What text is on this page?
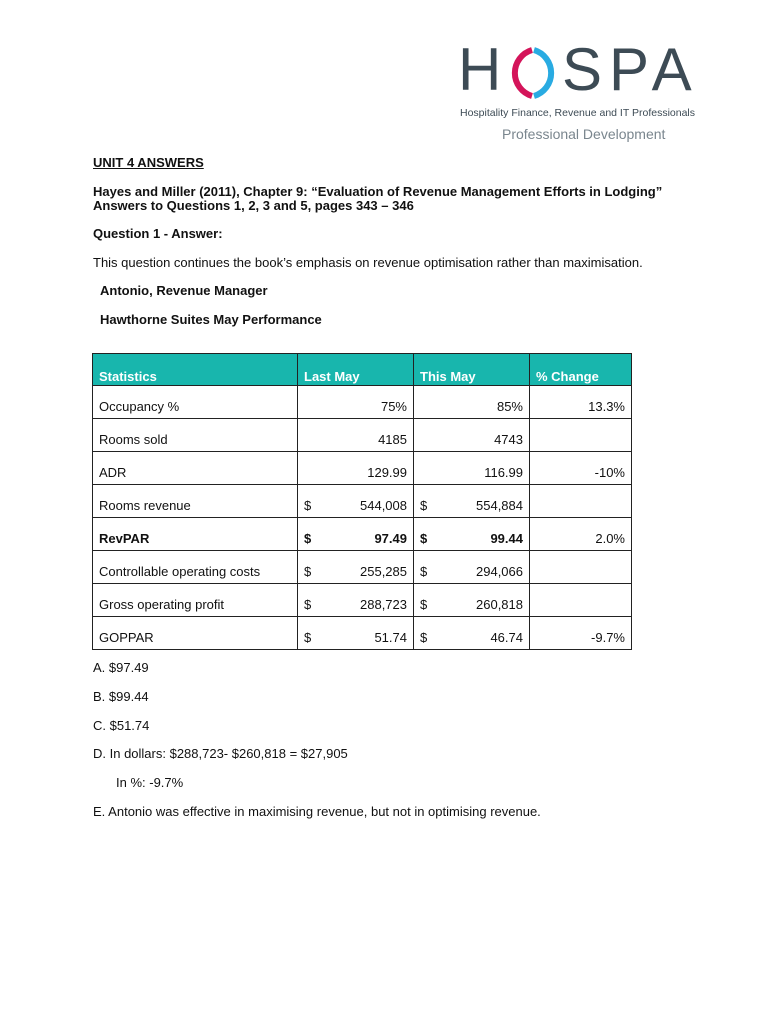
H SPA
Hospitality Finance, Revenue and IT Professionals
Professional Development
UNIT 4 ANSWERS
Hayes and Miller (2011), Chapter 9: “Evaluation of Revenue Management Efforts in Lodging”
Answers to Questions 1, 2, 3 and 5, pages 343 – 346
Question 1 - Answer:
This question continues the book’s emphasis on revenue optimisation rather than maximisation.
Antonio, Revenue Manager
Hawthorne Suites May Performance
Statistics	Last May	This May	% Change
Occupancy %	75%	85%	13.3%
Rooms sold	4185	4743	

ADR	129.99	116.99	-10%
Rooms revenue	$ 544,008	$ 554,884	

RevPAR	$ 97.49	$ 99.44	2.0%
Controllable operating costs	$ 255,285	$ 294,066	

Gross operating profit	$ 288,723	$ 260,818	

GOPPAR	$ 51.74	$ 46.74	-9.7%
A. $97.49
B. $99.44
C. $51.74
D. In dollars: $288,723- $260,818 = $27,905
In %: -9.7%
E. Antonio was effective in maximising revenue, but not in optimising revenue.
